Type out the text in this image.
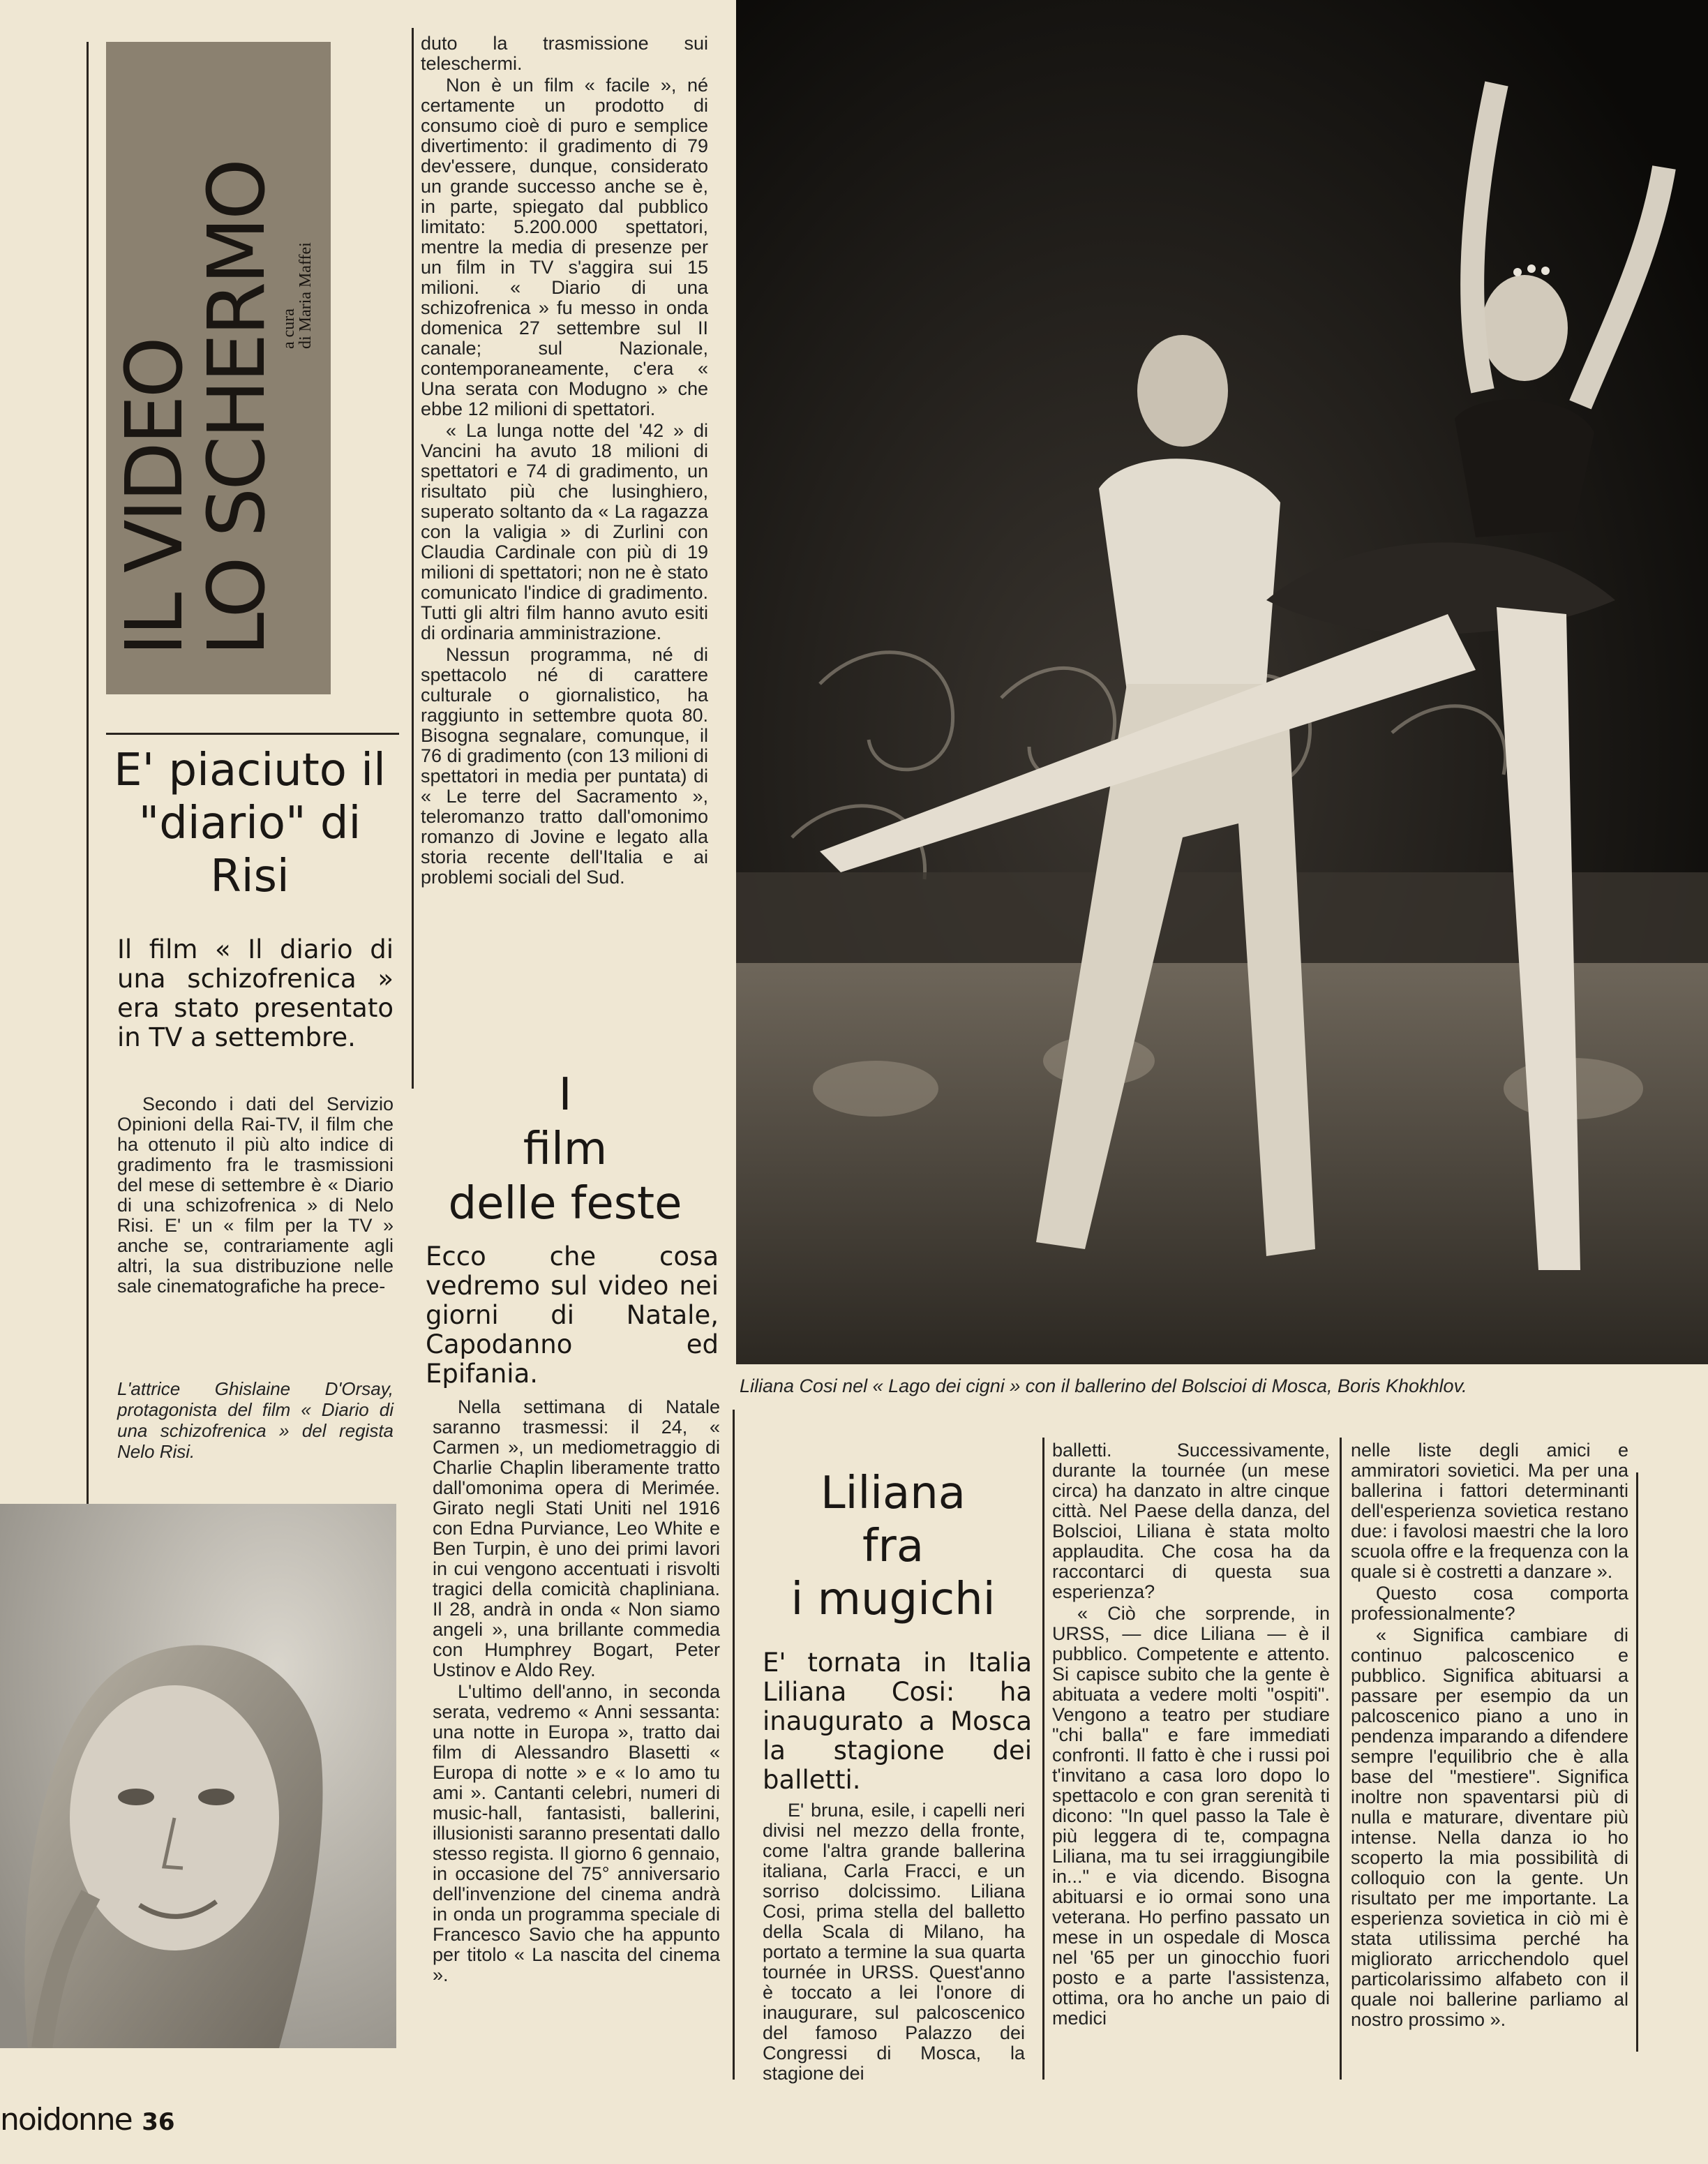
IL VIDEO
LO SCHERMO
a cura
di Maria Maffei
E' piaciuto il "diario" di Risi
Il film « Il diario di una schizofrenica » era stato presentato in TV a settembre.

Secondo i dati del Servizio Opinioni della Rai-TV, il film che ha ottenuto il più alto indice di gradimento fra le trasmissioni del mese di settembre è « Diario di una schizofrenica » di Nelo Risi. E' un « film per la TV » anche se, contrariamente agli altri, la sua distribuzione nelle sale cinematografiche ha prece-

L'attrice Ghislaine D'Orsay, protagonista del film « Diario di una schizofrenica » del regista Nelo Risi.

duto la trasmissione sui teleschermi.

Non è un film « facile », né certamente un prodotto di consumo cioè di puro e semplice divertimento: il gradimento di 79 dev'essere, dunque, considerato un grande successo anche se è, in parte, spiegato dal pubblico limitato: 5.200.000 spettatori, mentre la media di presenze per un film in TV s'aggira sui 15 milioni. « Diario di una schizofrenica » fu messo in onda domenica 27 settembre sul II canale; sul Nazionale, contemporaneamente, c'era « Una serata con Modugno » che ebbe 12 milioni di spettatori.

« La lunga notte del '42 » di Vancini ha avuto 18 milioni di spettatori e 74 di gradimento, un risultato più che lusinghiero, superato soltanto da « La ragazza con la valigia » di Zurlini con Claudia Cardinale con più di 19 milioni di spettatori; non ne è stato comunicato l'indice di gradimento. Tutti gli altri film hanno avuto esiti di ordinaria amministrazione.

Nessun programma, né di spettacolo né di carattere culturale o giornalistico, ha raggiunto in settembre quota 80. Bisogna segnalare, comunque, il 76 di gradimento (con 13 milioni di spettatori in media per puntata) di « Le terre del Sacramento », teleromanzo tratto dall'omonimo romanzo di Jovine e legato alla storia recente dell'Italia e ai problemi sociali del Sud.

I
film
delle feste
Ecco che cosa vedremo sul video nei giorni di Natale, Capodanno ed Epifania.

Nella settimana di Natale saranno trasmessi: il 24, « Carmen », un mediometraggio di Charlie Chaplin liberamente tratto dall'omonima opera di Merimée. Girato negli Stati Uniti nel 1916 con Edna Purviance, Leo White e Ben Turpin, è uno dei primi lavori in cui vengono accentuati i risvolti tragici della comicità chapliniana. Il 28, andrà in onda « Non siamo angeli », una brillante commedia con Humphrey Bogart, Peter Ustinov e Aldo Rey.

L'ultimo dell'anno, in seconda serata, vedremo « Anni sessanta: una notte in Europa », tratto dai film di Alessandro Blasetti « Europa di notte » e « Io amo tu ami ». Cantanti celebri, numeri di music-hall, fantasisti, ballerini, illusionisti saranno presentati dallo stesso regista. Il giorno 6 gennaio, in occasione del 75° anniversario dell'invenzione del cinema andrà in onda un programma speciale di Francesco Savio che ha appunto per titolo « La nascita del cinema ».

Liliana Cosi nel « Lago dei cigni » con il ballerino del Bolscioi di Mosca, Boris Khokhlov.
Liliana
fra
i mugichi
E' tornata in Italia Liliana Cosi: ha inaugurato a Mosca la stagione dei balletti.

E' bruna, esile, i capelli neri divisi nel mezzo della fronte, come l'altra grande ballerina italiana, Carla Fracci, e un sorriso dolcissimo. Liliana Cosi, prima stella del balletto della Scala di Milano, ha portato a termine la sua quarta tournée in URSS. Quest'anno è toccato a lei l'onore di inaugurare, sul palcoscenico del famoso Palazzo dei Congressi di Mosca, la stagione dei

balletti. Successivamente, durante la tournée (un mese circa) ha danzato in altre cinque città. Nel Paese della danza, del Bolscioi, Liliana è stata molto applaudita. Che cosa ha da raccontarci di questa sua esperienza?

« Ciò che sorprende, in URSS, — dice Liliana — è il pubblico. Competente e attento. Si capisce subito che la gente è abituata a vedere molti "ospiti". Vengono a teatro per studiare "chi balla" e fare immediati confronti. Il fatto è che i russi poi t'invitano a casa loro dopo lo spettacolo e con gran serenità ti dicono: "In quel passo la Tale è più leggera di te, compagna Liliana, ma tu sei irraggiungibile in..." e via dicendo. Bisogna abituarsi e io ormai sono una veterana. Ho perfino passato un mese in un ospedale di Mosca nel '65 per un ginocchio fuori posto e a parte l'assistenza, ottima, ora ho anche un paio di medici

nelle liste degli amici e ammiratori sovietici. Ma per una ballerina i fattori determinanti dell'esperienza sovietica restano due: i favolosi maestri che la loro scuola offre e la frequenza con la quale si è costretti a danzare ».

Questo cosa comporta professionalmente?

« Significa cambiare di continuo palcoscenico e pubblico. Significa abituarsi a passare per esempio da un palcoscenico piano a uno in pendenza imparando a difendere sempre l'equilibrio che è alla base del "mestiere". Significa inoltre non spaventarsi più di nulla e maturare, diventare più intense. Nella danza io ho scoperto la mia possibilità di colloquio con la gente. Un risultato per me importante. La esperienza sovietica in ciò mi è stata utilissima perché ha migliorato arricchendolo quel particolarissimo alfabeto con il quale noi ballerine parliamo al nostro prossimo ».

noidonne 36
